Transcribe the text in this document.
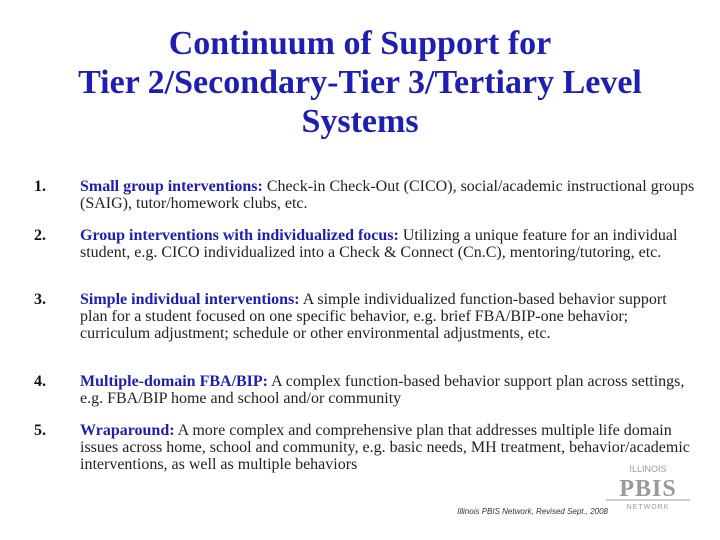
Continuum of Support for
Tier 2/Secondary-Tier 3/Tertiary Level
Systems
1. Small group interventions: Check-in Check-Out (CICO), social/academic instructional groups (SAIG), tutor/homework clubs, etc.
2. Group interventions with individualized focus: Utilizing a unique feature for an individual student, e.g. CICO individualized into a Check & Connect (Cn.C), mentoring/tutoring, etc.
3. Simple individual interventions: A simple individualized function-based behavior support plan for a student focused on one specific behavior, e.g. brief FBA/BIP-one behavior; curriculum adjustment; schedule or other environmental adjustments, etc.
4. Multiple-domain FBA/BIP: A complex function-based behavior support plan across settings, e.g. FBA/BIP home and school and/or community
5. Wraparound: A more complex and comprehensive plan that addresses multiple life domain issues across home, school and community, e.g. basic needs, MH treatment, behavior/academic interventions, as well as multiple behaviors	ILLINOIS
PBIS
NETWORK
Illinois PBIS Network, Revised Sept., 2008
